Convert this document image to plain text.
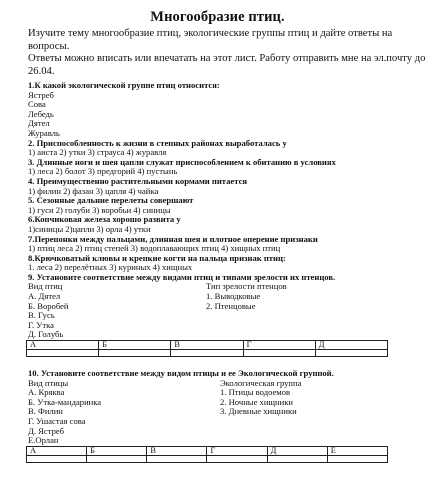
Многообразие птиц.

Изучите тему многообразие птиц, экологические группы птиц и дайте ответы на вопросы.

Ответы можно вписать или впечатать на этот лист. Работу отправить мне на эл.почту до 26.04.

1.К какой экологической группе птиц относится:
Ястреб
Сова
Лебедь
Дятел
Журавль
2. Приспособленность к жизни в степных районах выработалась у
1) аиста 2) утки 3) страуса 4) журавля
3. Длинные ноги и шея цапли служат приспособлением к обитанию в условиях
1) леса 2) болот 3) предгорий 4) пустынь
4. Преимущественно растительными кормами питается
1) филин 2) фазан 3) цапля 4) чайка
5. Сезонные дальние перелеты совершают
1) гуси 2) голуби 3) воробьи 4) синицы
6.Копчиковая железа хорошо развита у
1)синицы 2)цапли 3) орла 4) утки
7.Перепонки между пальцами, длинная шея и плотное оперение признаки
1) птиц леса 2) птиц степей 3) водоплавающих птиц 4) хищных птиц
8.Крючковатый клювы и крепкие когти на пальца признак птиц:
1. леса 2) перелётных 3) куриных 4) хищных
9. Установите соответствие между видами птиц и типами зрелости их птенцов.
Вид птиц	Тип зрелости птенцов
А. Дятел	1. Выводковые
Б. Воробей	2. Птенцовые
В. Гусь
Г. Утка
Д. Голубь
А	Б	В	Г	Д

10. Установите соответствие между видом птицы и ее Экологической группой.
Вид птицы	Экологическая группа
А. Кряква	1. Птицы водоемов
Б. Утка-мандаринка	2. Ночные хищники
В. Филин	3. Дневные хищники
Г. Ушастая сова
Д. Ястреб
Е.Орлан
А	Б	В	Г	Д	Е
